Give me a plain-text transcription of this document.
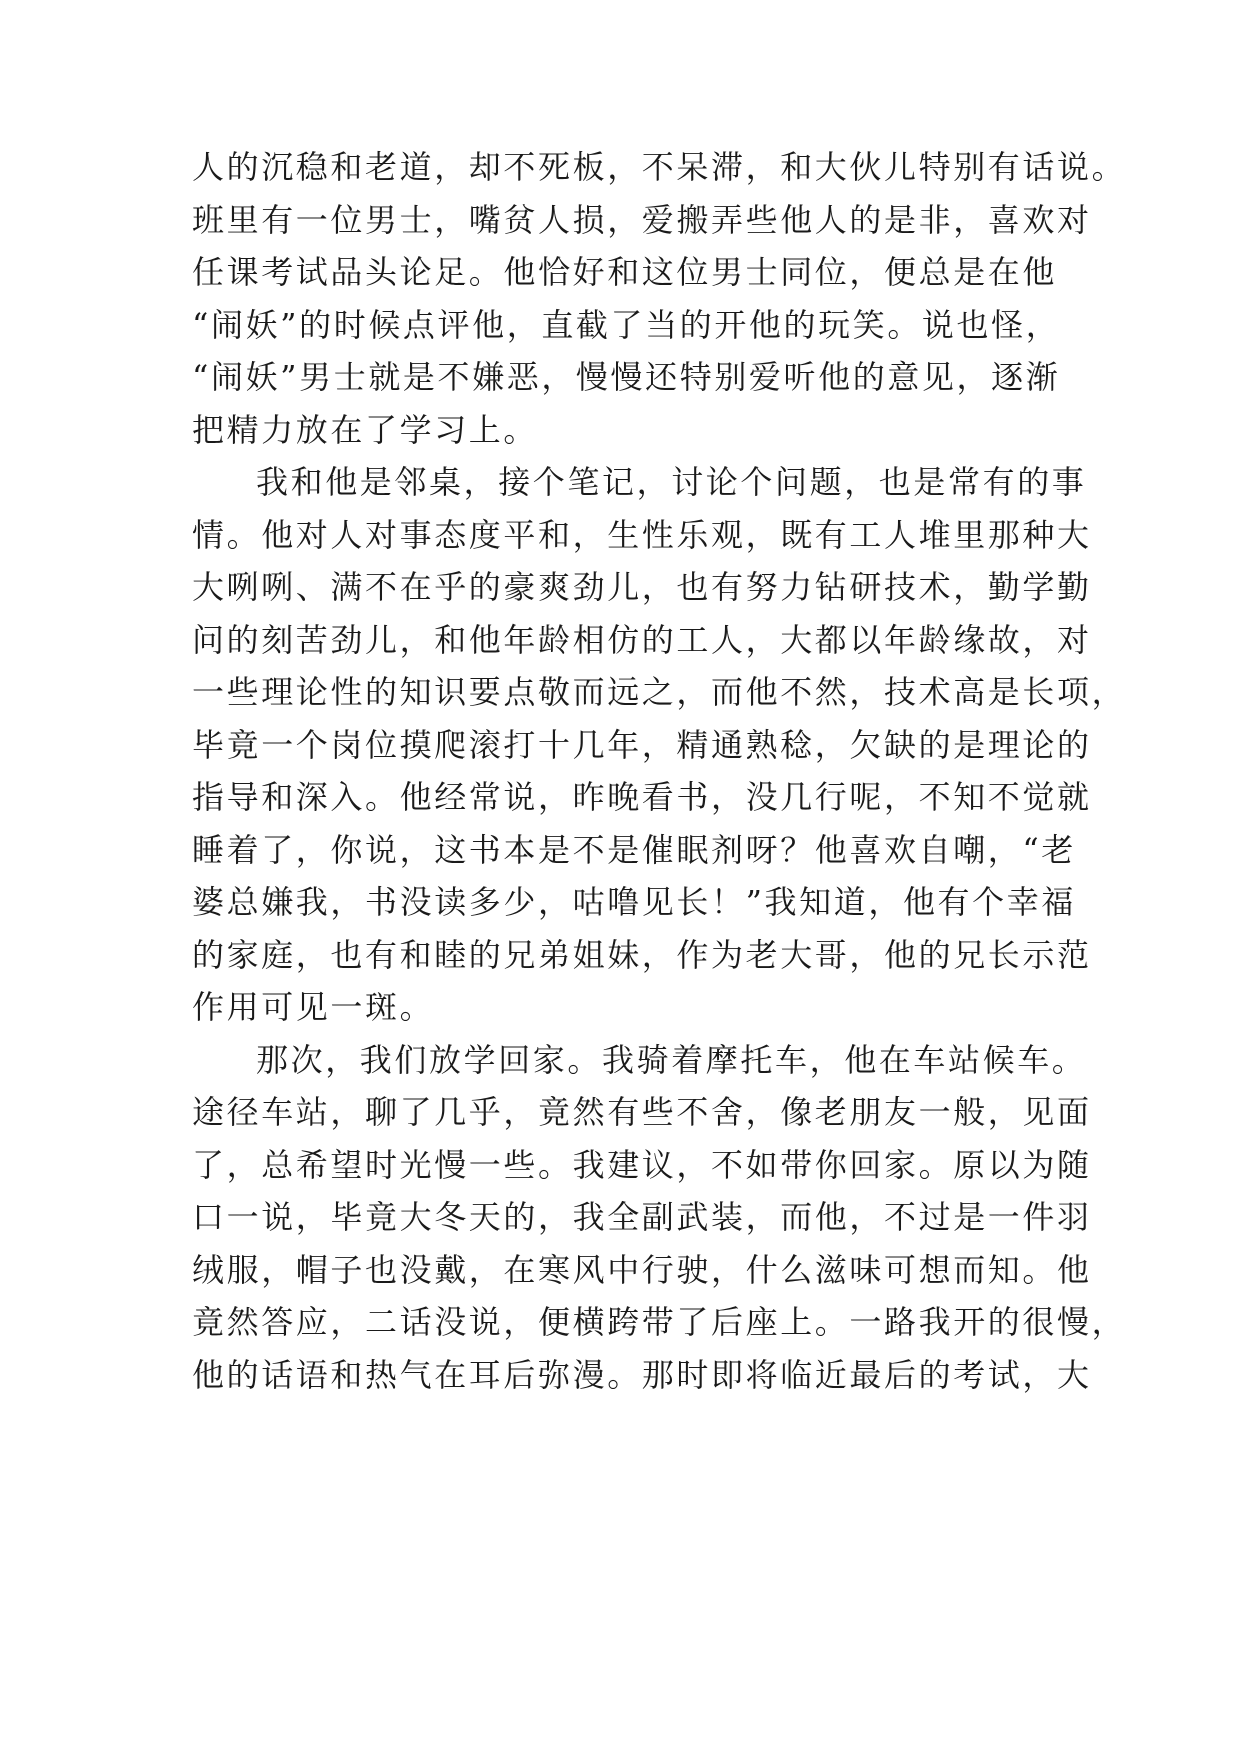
人的沉稳和老道，却不死板，不呆滞，和大伙儿特别有话说。
班里有一位男士，嘴贫人损，爱搬弄些他人的是非，喜欢对
任课考试品头论足。他恰好和这位男士同位，便总是在他
“闹妖”的时候点评他，直截了当的开他的玩笑。说也怪，
“闹妖”男士就是不嫌恶，慢慢还特别爱听他的意见，逐渐
把精力放在了学习上。
我和他是邻桌，接个笔记，讨论个问题，也是常有的事
情。他对人对事态度平和，生性乐观，既有工人堆里那种大
大咧咧、满不在乎的豪爽劲儿，也有努力钻研技术，勤学勤
问的刻苦劲儿，和他年龄相仿的工人，大都以年龄缘故，对
一些理论性的知识要点敬而远之，而他不然，技术高是长项，
毕竟一个岗位摸爬滚打十几年，精通熟稔，欠缺的是理论的
指导和深入。他经常说，昨晚看书，没几行呢，不知不觉就
睡着了，你说，这书本是不是催眠剂呀？他喜欢自嘲，“老
婆总嫌我，书没读多少，咕噜见长！”我知道，他有个幸福
的家庭，也有和睦的兄弟姐妹，作为老大哥，他的兄长示范
作用可见一斑。
那次，我们放学回家。我骑着摩托车，他在车站候车。
途径车站，聊了几乎，竟然有些不舍，像老朋友一般，见面
了，总希望时光慢一些。我建议，不如带你回家。原以为随
口一说，毕竟大冬天的，我全副武装，而他，不过是一件羽
绒服，帽子也没戴，在寒风中行驶，什么滋味可想而知。他
竟然答应，二话没说，便横跨带了后座上。一路我开的很慢，
他的话语和热气在耳后弥漫。那时即将临近最后的考试，大
